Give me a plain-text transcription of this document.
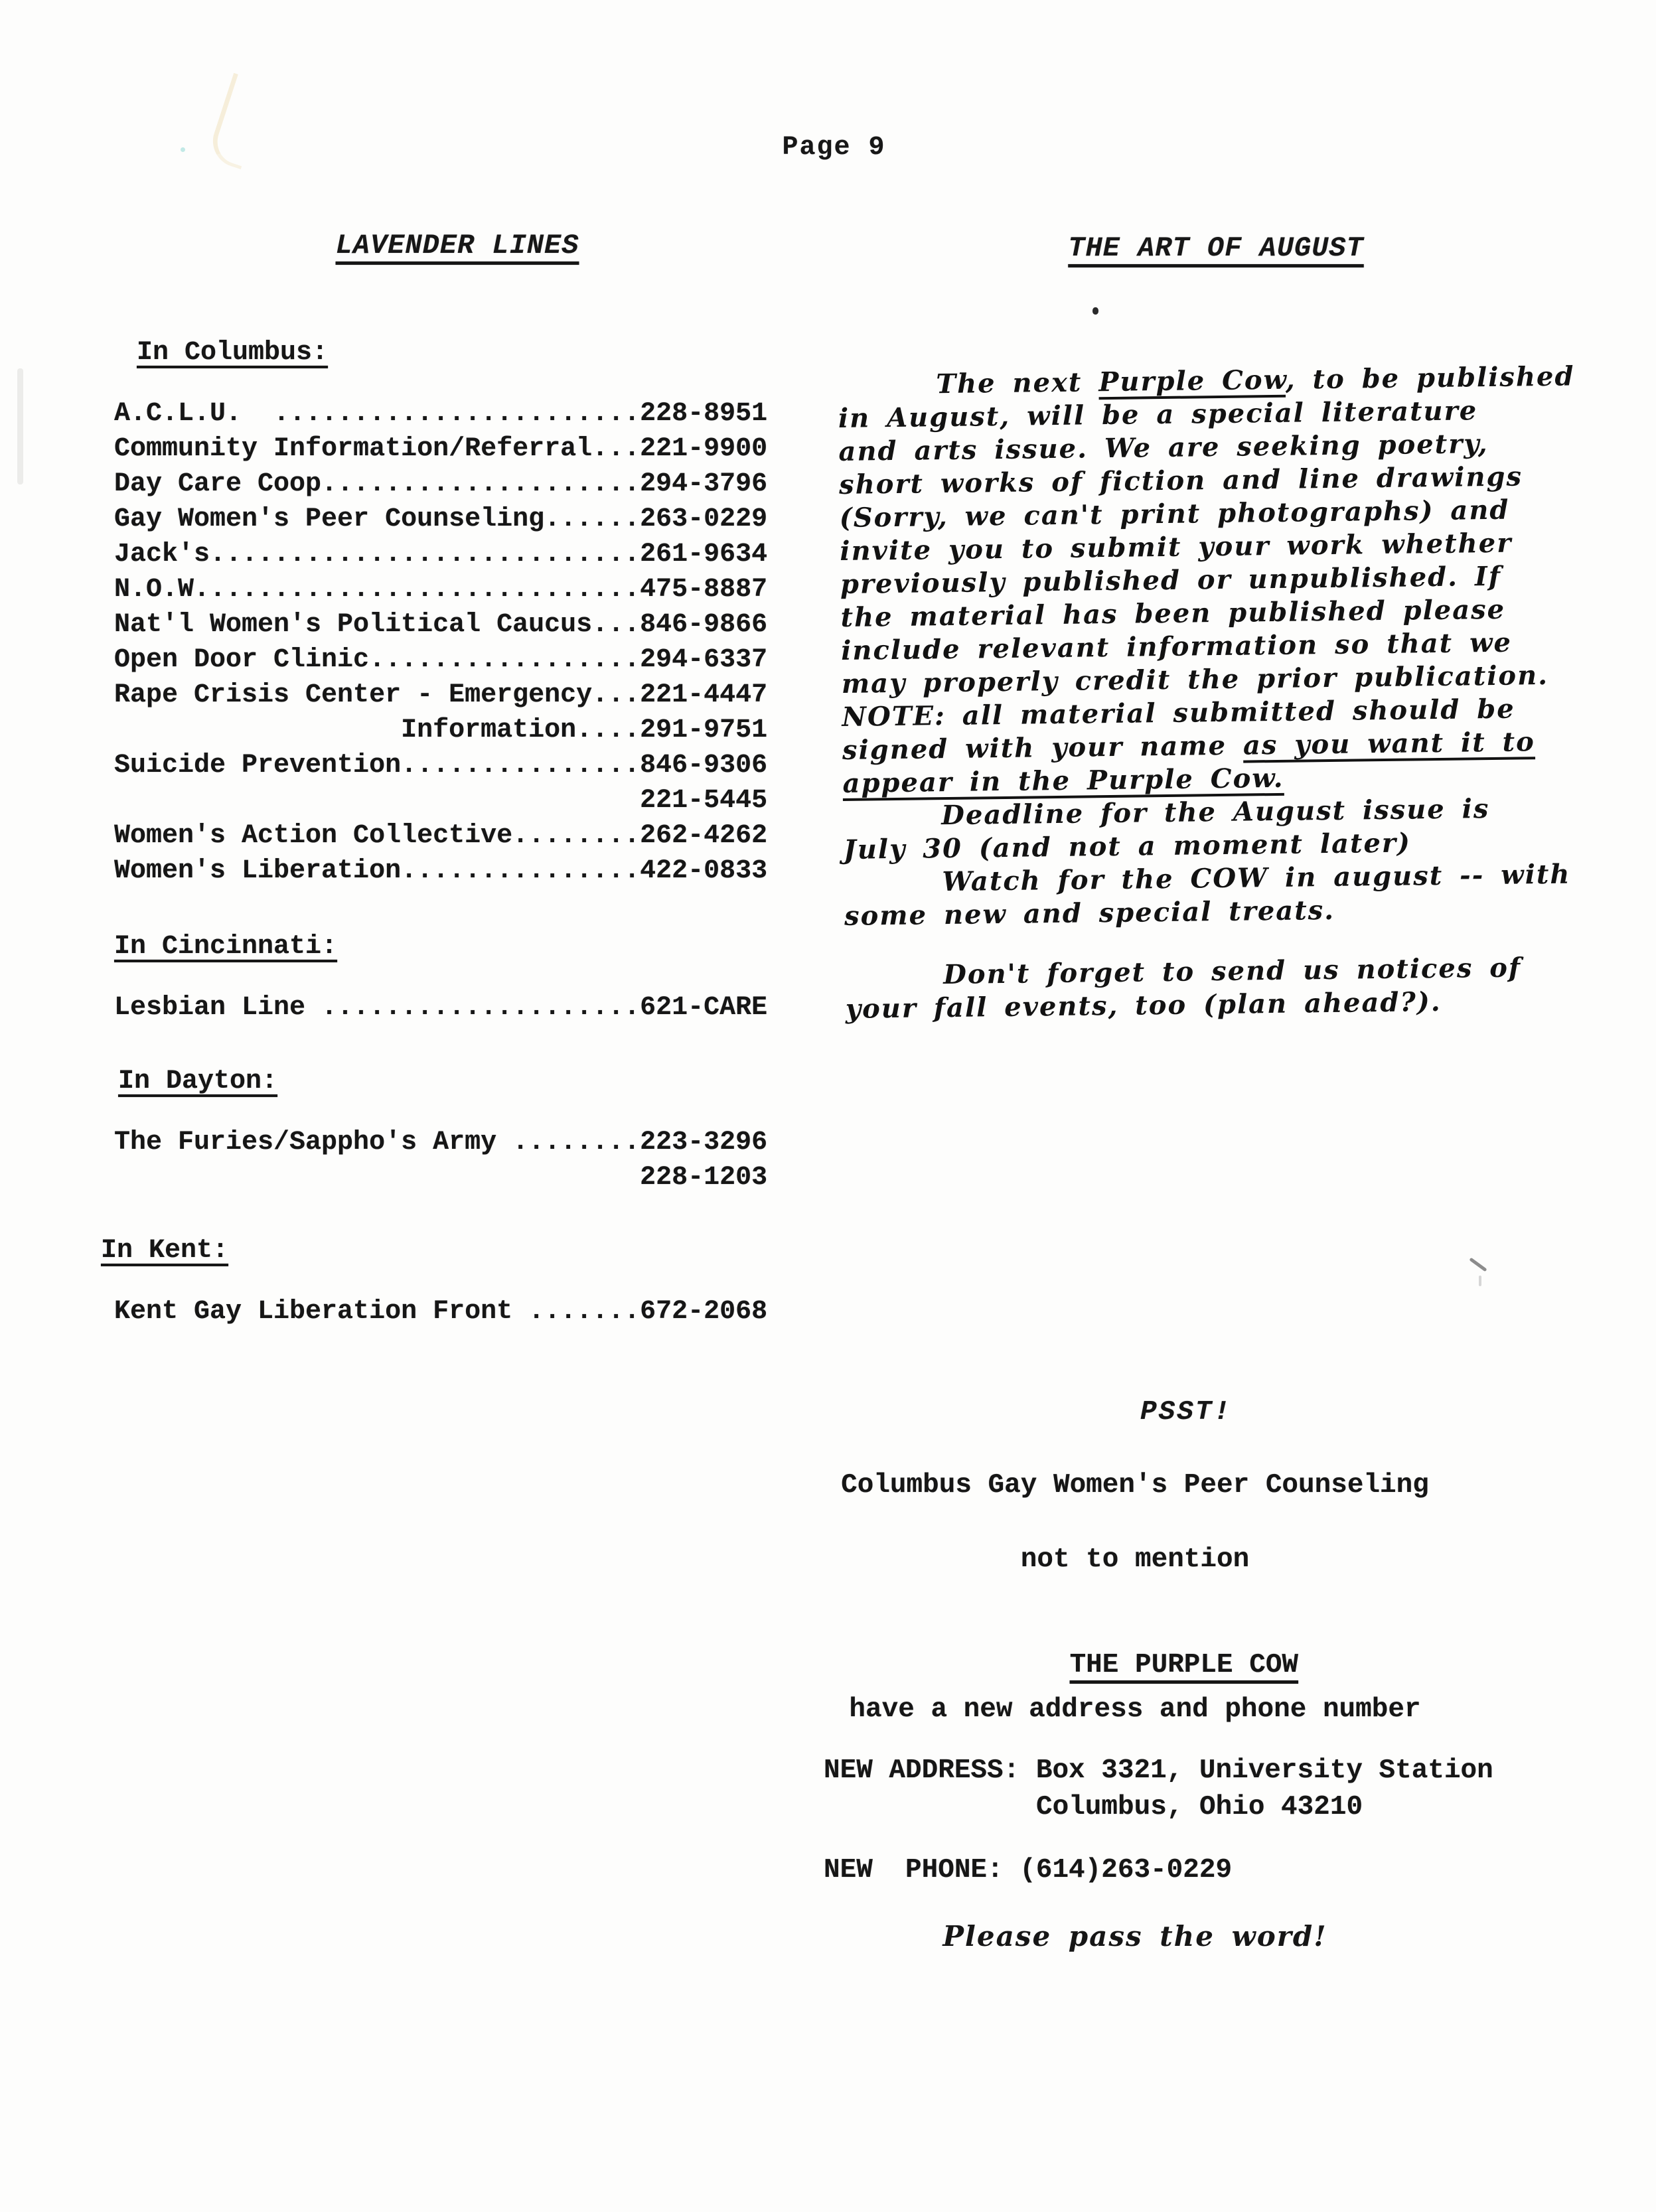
Page 9
LAVENDER LINES	THE ART OF AUGUST
In Columbus:
A.C.L.U.  .......................228-8951
Community Information/Referral...221-9900
Day Care Coop....................294-3796
Gay Women's Peer Counseling......263-0229
Jack's...........................261-9634
N.O.W............................475-8887
Nat'l Women's Political Caucus...846-9866
Open Door Clinic.................294-6337
Rape Crisis Center - Emergency...221-4447
Information....291-9751
Suicide Prevention...............846-9306
221-5445
Women's Action Collective........262-4262
Women's Liberation...............422-0833
In Cincinnati:
Lesbian Line ....................621-CARE
In Dayton:
The Furies/Sappho's Army ........223-3296
228-1203
In Kent:
Kent Gay Liberation Front .......672-2068
The next Purple Cow, to be published
in August, will be a special literature
and arts issue. We are seeking poetry,
short works of fiction and line drawings
(Sorry, we can't print photographs) and
invite you to submit your work whether
previously published or unpublished. If
the material has been published please
include relevant information so that we
may properly credit the prior publication.
NOTE: all material submitted should be
signed with your name as you want it to
appear in the Purple Cow.
Deadline for the August issue is
July 30 (and not a moment later)
Watch for the COW in august -- with
some new and special treats.
Don't forget to send us notices of
your fall events, too (plan ahead?).
PSST!
Columbus Gay Women's Peer Counseling
not to mention

THE PURPLE COW

have a new address and phone number
NEW ADDRESS: Box 3321, University Station
Columbus, Ohio 43210
NEW  PHONE: (614)263-0229
Please pass the word!
